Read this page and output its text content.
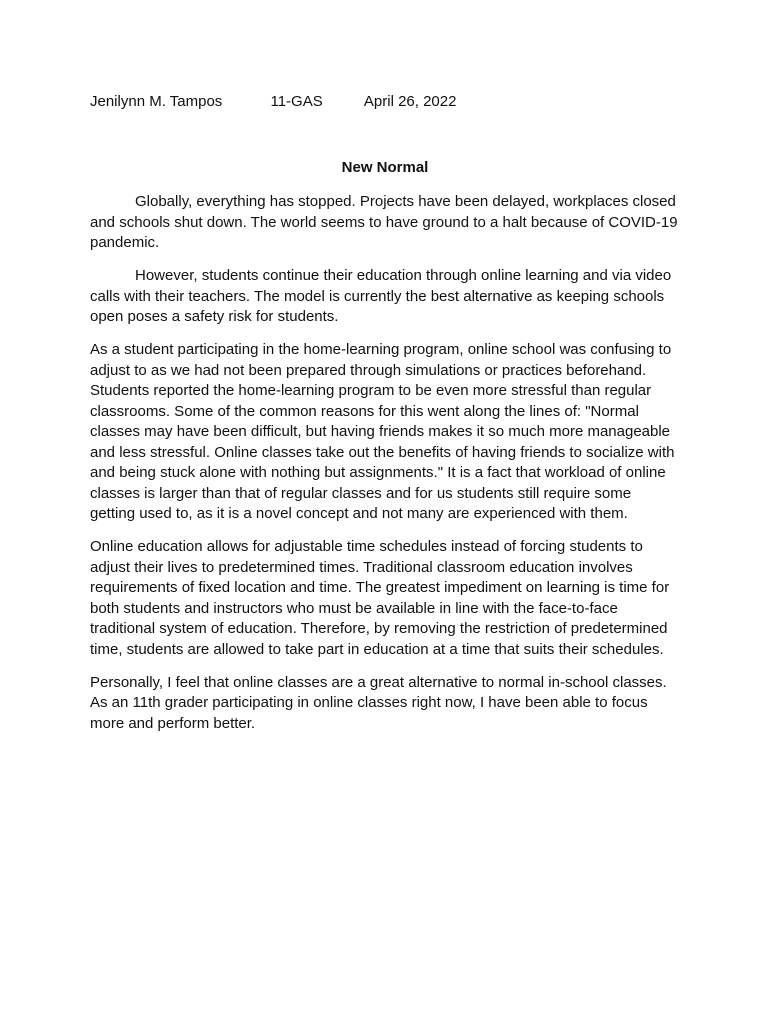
Jenilynn M. Tampos	11-GAS	April 26, 2022
New Normal

Globally, everything has stopped. Projects have been delayed, workplaces closed and schools shut down. The world seems to have ground to a halt because of COVID-19 pandemic.

However, students continue their education through online learning and via video calls with their teachers. The model is currently the best alternative as keeping schools open poses a safety risk for students.

As a student participating in the home-learning program, online school was confusing to adjust to as we had not been prepared through simulations or practices beforehand. Students reported the home-learning program to be even more stressful than regular classrooms. Some of the common reasons for this went along the lines of: "Normal classes may have been difficult, but having friends makes it so much more manageable and less stressful. Online classes take out the benefits of having friends to socialize with and being stuck alone with nothing but assignments." It is a fact that workload of online classes is larger than that of regular classes and for us students still require some getting used to, as it is a novel concept and not many are experienced with them.

Online education allows for adjustable time schedules instead of forcing students to adjust their lives to predetermined times. Traditional classroom education involves requirements of fixed location and time. The greatest impediment on learning is time for both students and instructors who must be available in line with the face-to-face traditional system of education. Therefore, by removing the restriction of predetermined time, students are allowed to take part in education at a time that suits their schedules.

Personally, I feel that online classes are a great alternative to normal in-school classes. As an 11th grader participating in online classes right now, I have been able to focus more and perform better.
